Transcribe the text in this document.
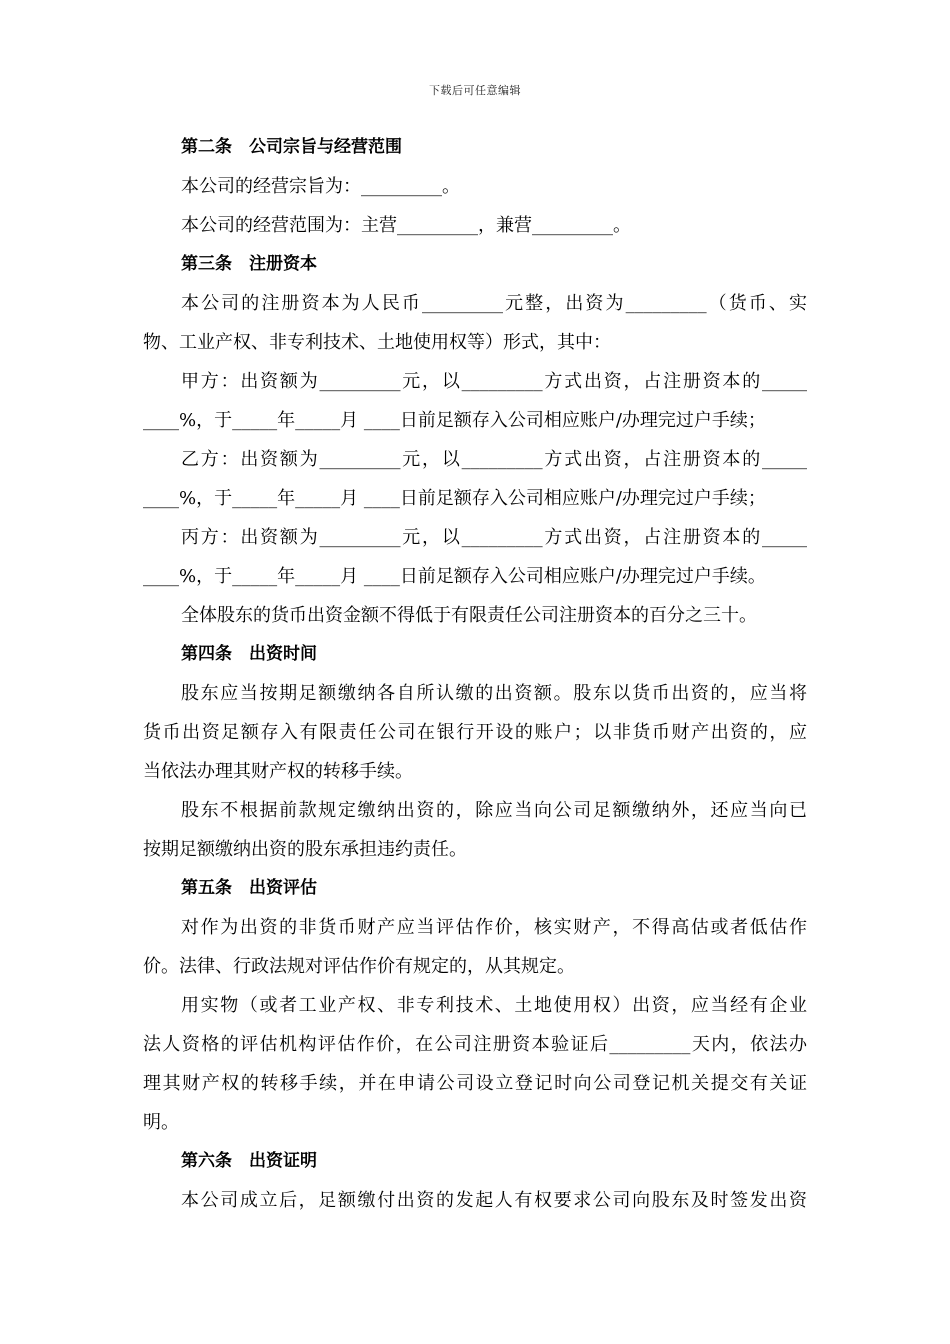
下载后可任意编辑
第二条　公司宗旨与经营范围
本公司的经营宗旨为：_________。
本公司的经营范围为：主营_________，兼营_________。
第三条　注册资本
本公司的注册资本为人民币_________元整，出资为_________（货币、实
物、工业产权、非专利技术、土地使用权等）形式，其中：
甲方：出资额为_________元，以_________方式出资，占注册资本的_____
____%，于_____年_____月 ____日前足额存入公司相应账户/办理完过户手续；
乙方：出资额为_________元，以_________方式出资，占注册资本的_____
____%，于_____年_____月 ____日前足额存入公司相应账户/办理完过户手续；
丙方：出资额为_________元，以_________方式出资，占注册资本的_____
____%，于_____年_____月 ____日前足额存入公司相应账户/办理完过户手续。
全体股东的货币出资金额不得低于有限责任公司注册资本的百分之三十。
第四条　出资时间
股东应当按期足额缴纳各自所认缴的出资额。股东以货币出资的，应当将
货币出资足额存入有限责任公司在银行开设的账户；以非货币财产出资的，应
当依法办理其财产权的转移手续。
股东不根据前款规定缴纳出资的，除应当向公司足额缴纳外，还应当向已
按期足额缴纳出资的股东承担违约责任。
第五条　出资评估
对作为出资的非货币财产应当评估作价，核实财产，不得高估或者低估作
价。法律、行政法规对评估作价有规定的，从其规定。
用实物（或者工业产权、非专利技术、土地使用权）出资，应当经有企业
法人资格的评估机构评估作价，在公司注册资本验证后_________天内，依法办
理其财产权的转移手续，并在申请公司设立登记时向公司登记机关提交有关证
明。
第六条　出资证明
本公司成立后，足额缴付出资的发起人有权要求公司向股东及时签发出资
